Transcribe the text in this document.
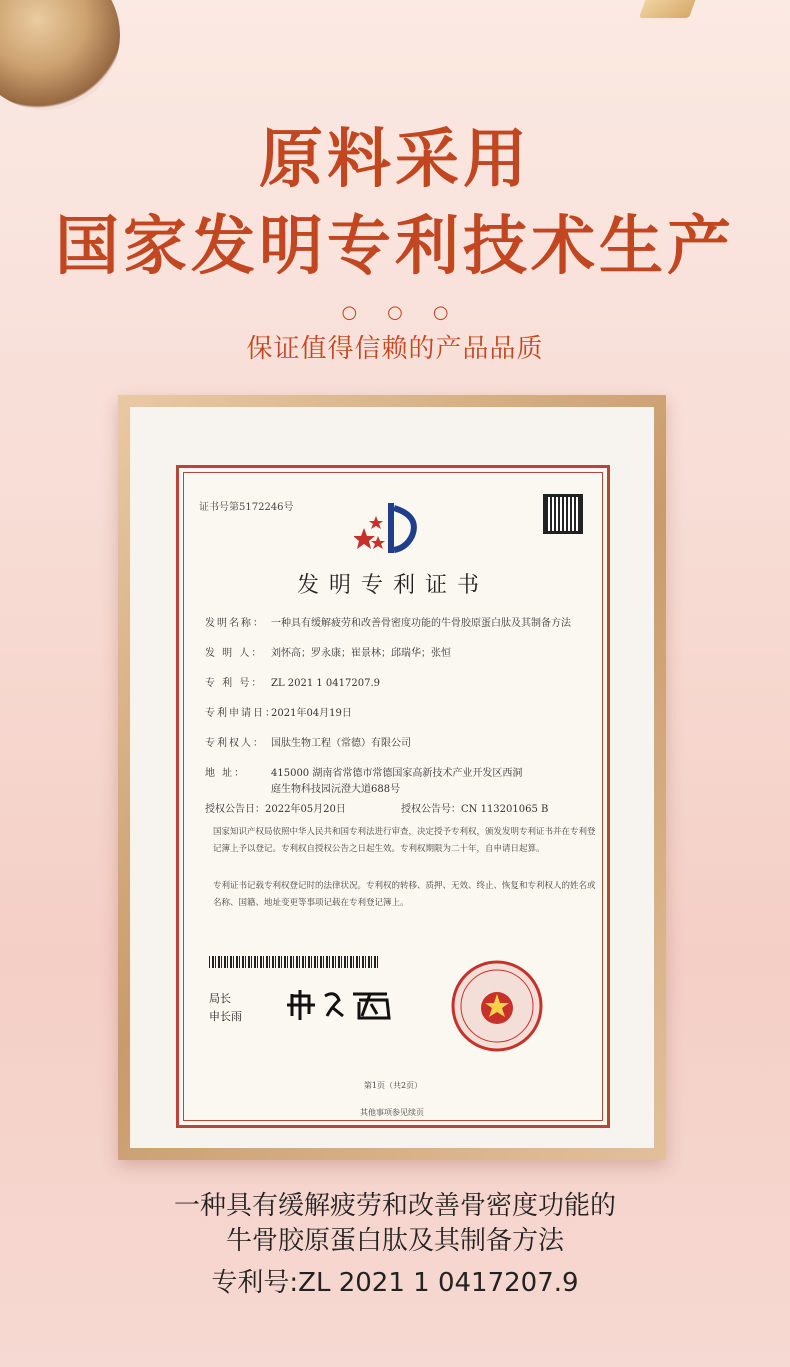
原料采用
国家发明专利技术生产
○○○
保证值得信赖的产品品质
证书号第5172246号
发明专利证书
发明名称： 一种具有缓解疲劳和改善骨密度功能的牛骨胶原蛋白肽及其制备方法
发 明 人： 刘怀高；罗永康；崔景林；邱瑞华；张恒
专 利 号： ZL 2021 1 0417207.9
专利申请日：2021年04月19日
专利权人： 国肽生物工程（常德）有限公司
地 址： 415000 湖南省常德市常德国家高新技术产业开发区西洞
庭生物科技园沅澄大道688号
授权公告日：2022年05月20日	授权公告号：CN 113201065 B
国家知识产权局依照中华人民共和国专利法进行审查，决定授予专利权，颁发发明专利证书并在专利登记簿上予以登记。专利权自授权公告之日起生效。专利权期限为二十年，自申请日起算。
专利证书记载专利权登记时的法律状况。专利权的转移、质押、无效、终止、恢复和专利权人的姓名或名称、国籍、地址变更等事项记载在专利登记簿上。
局长
申长雨
第1页（共2页）
其他事项参见续页
一种具有缓解疲劳和改善骨密度功能的
牛骨胶原蛋白肽及其制备方法
专利号:ZL 2021 1 0417207.9
